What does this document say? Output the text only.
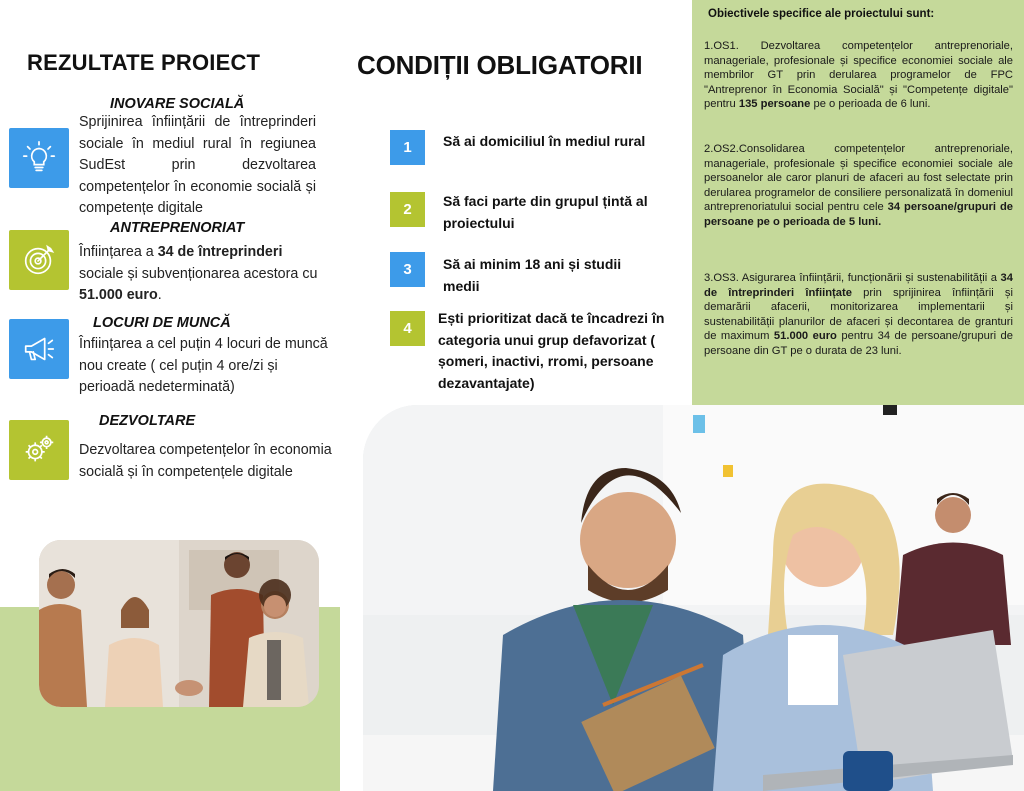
REZULTATE PROIECT
INOVARE SOCIALĂ
Sprijinirea înființării de întreprinderi sociale în mediul rural în regiunea SudEst prin dezvoltarea competențelor în economie socială și competențe digitale
ANTREPRENORIAT
Înființarea a 34 de întreprinderi sociale și subvenționarea acestora cu 51.000 euro.
LOCURI DE MUNCĂ
Înființarea a cel puțin 4 locuri de muncă nou create ( cel puțin 4 ore/zi și perioadă nedeterminată)
DEZVOLTARE
Dezvoltarea competențelor în economia socială și în competențele digitale
CONDIȚII OBLIGATORII
1	Să ai domiciliul în mediul rural
2	Să faci parte din grupul țintă al proiectului
3	Să ai minim 18 ani și studii medii
4
Ești prioritizat dacă te încadrezi în categoria unui grup defavorizat ( șomeri, inactivi, rromi, persoane dezavantajate)
Obiectivele specifice ale proiectului sunt:
1.OS1. Dezvoltarea competențelor antreprenoriale, manageriale, profesionale și specifice economiei sociale ale membrilor GT prin derularea programelor de FPC "Antreprenor în Economia Socială" și "Competențe digitale" pentru 135 persoane pe o perioada de 6 luni.
2.OS2.Consolidarea competențelor antreprenoriale, manageriale, profesionale și specifice economiei sociale ale persoanelor ale caror planuri de afaceri au fost selectate prin derularea programelor de consiliere personalizată în domeniul antreprenoriatului social pentru cele 34 persoane/grupuri de persoane pe o perioada de 5 luni.
3.OS3. Asigurarea înființării, funcționării și sustenabilității a 34 de întreprinderi înființate prin sprijinirea înființării și demarării afacerii, monitorizarea implementarii și sustenabilității planurilor de afaceri și decontarea de granturi de maximum 51.000 euro pentru 34 de persoane/grupuri de persoane din GT pe o durata de 23 luni.
